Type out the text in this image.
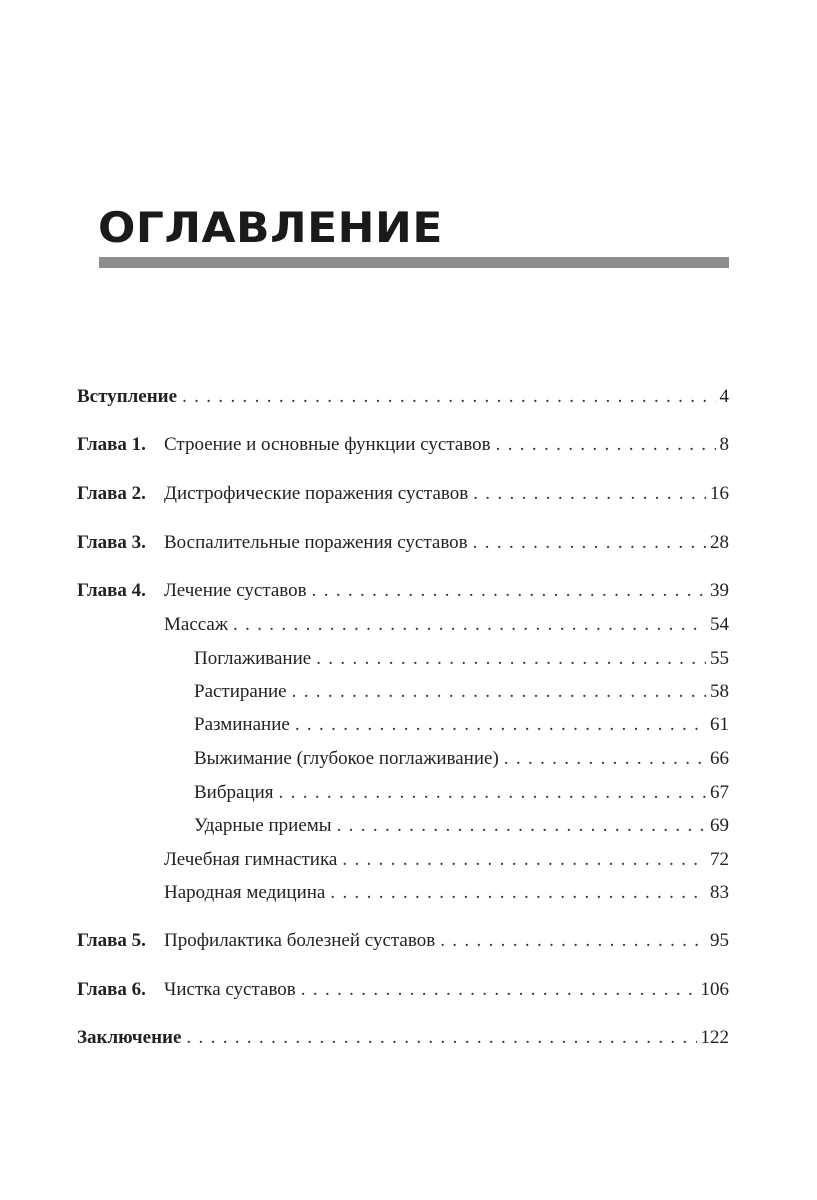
ОГЛАВЛЕНИЕ
Вступление . . .	4
Глава 1. Строение и основные функции суставов . . .	8
Глава 2. Дистрофические поражения суставов . . .	16
Глава 3. Воспалительные поражения суставов . . .	28
Глава 4. Лечение суставов . . .	39
Массаж . . .	54
Поглаживание . . .	55
Растирание . . .	58
Разминание . . .	61
Выжимание (глубокое поглаживание) . . .	66
Вибрация . . .	67
Ударные приемы . . .	69
Лечебная гимнастика . . .	72
Народная медицина . . .	83
Глава 5. Профилактика болезней суставов . . .	95
Глава 6. Чистка суставов . . .	106
Заключение . . .	122
